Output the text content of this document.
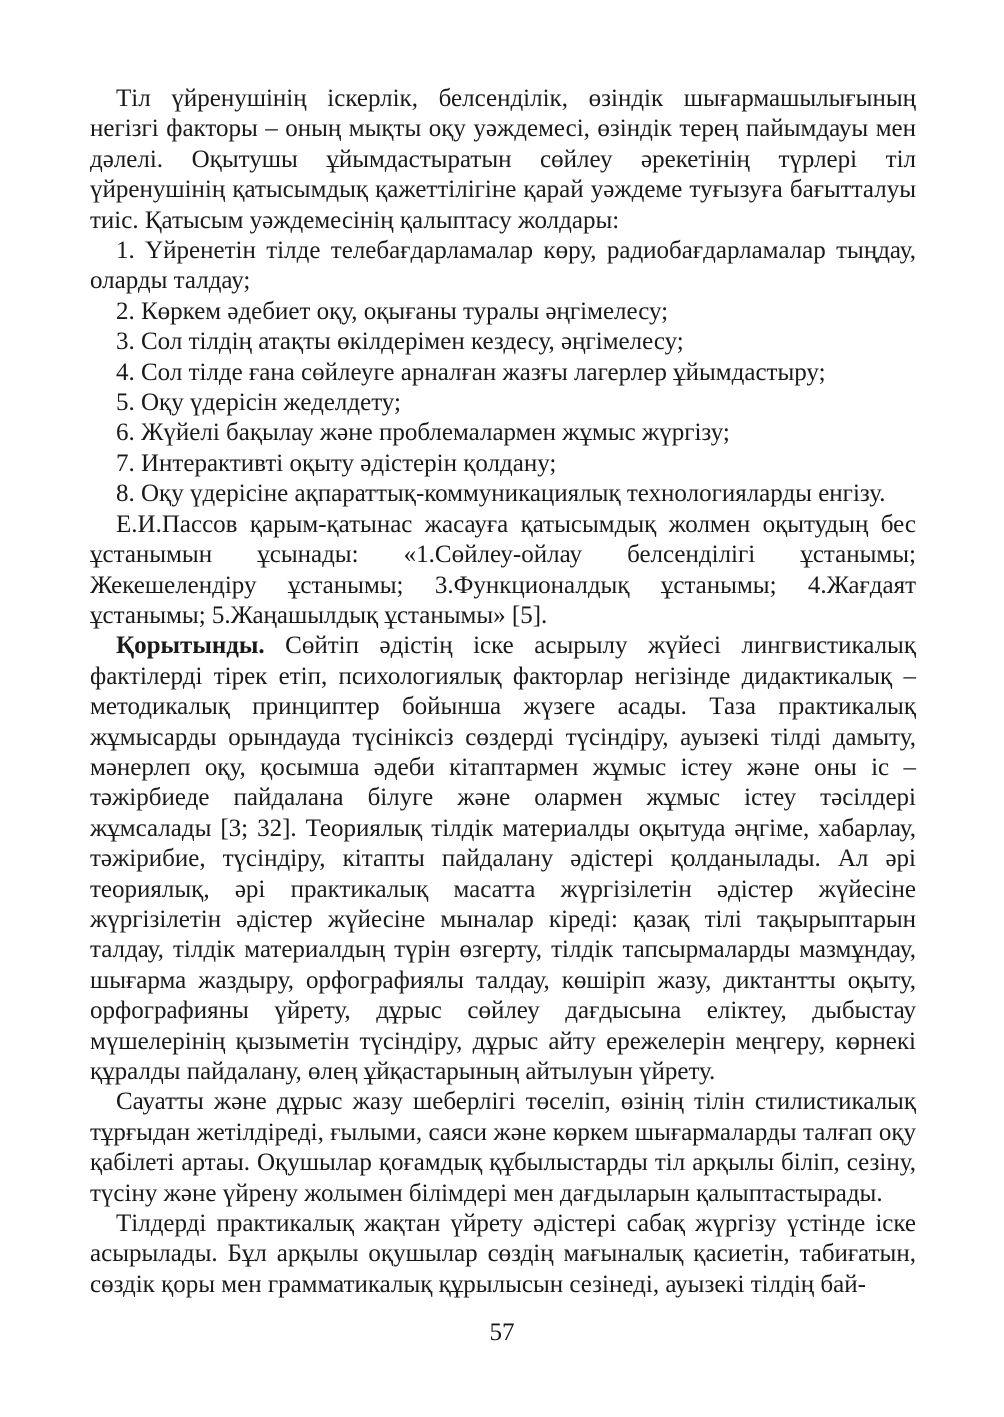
Тіл үйренушінің іскерлік, белсенділік, өзіндік шығармашылығының негізгі факторы – оның мықты оқу уәждемесі, өзіндік терең пайымдауы мен дәлелі. Оқытушы ұйымдастыратын сөйлеу әрекетінің түрлері тіл үйренушінің қатысымдық қажеттілігіне қарай уәждеме туғызуға бағытталуы тиіс. Қатысым уәждемесінің қалыптасу жолдары:

1. Үйренетін тілде телебағдарламалар көру, радиобағдарламалар тыңдау, оларды талдау;

2. Көркем әдебиет оқу, оқығаны туралы әңгімелесу;

3. Сол тілдің атақты өкілдерімен кездесу, әңгімелесу;

4. Сол тілде ғана сөйлеуге арналған жазғы лагерлер ұйымдастыру;

5. Оқу үдерісін жеделдету;

6. Жүйелі бақылау және проблемалармен жұмыс жүргізу;

7. Интерактивті оқыту әдістерін қолдану;

8. Оқу үдерісіне ақпараттық-коммуникациялық технологияларды енгізу.

Е.И.Пассов қарым-қатынас жасауға қатысымдық жолмен оқытудың бес ұстанымын ұсынады: «1.Сөйлеу-ойлау белсенділігі ұстанымы; Жекешелендіру ұстанымы; 3.Функционалдық ұстанымы; 4.Жағдаят ұстанымы; 5.Жаңашылдық ұстанымы» [5].

Қорытынды. Сөйтіп әдістің іске асырылу жүйесі лингвистикалық фактілерді тірек етіп, психологиялық факторлар негізінде дидактикалық – методикалық принциптер бойынша жүзеге асады. Таза практикалық жұмысарды орындауда түсініксіз сөздерді түсіндіру, ауызекі тілді дамыту, мәнерлеп оқу, қосымша әдеби кітаптармен жұмыс істеу және оны іс – тәжірбиеде пайдалана білуге және олармен жұмыс істеу тәсілдері жұмсалады [3; 32]. Теориялық тілдік материалды оқытуда әңгіме, хабарлау, тәжірибие, түсіндіру, кітапты пайдалану әдістері қолданылады. Ал әрі теориялық, әрі практикалық масатта жүргізілетін әдістер жүйесіне жүргізілетін әдістер жүйесіне мыналар кіреді: қазақ тілі тақырыптарын талдау, тілдік материалдың түрін өзгерту, тілдік тапсырмаларды мазмұндау, шығарма жаздыру, орфографиялы талдау, көшіріп жазу, диктантты оқыту, орфографияны үйрету, дұрыс сөйлеу дағдысына еліктеу, дыбыстау мүшелерінің қызыметін түсіндіру, дұрыс айту ережелерін меңгеру, көрнекі құралды пайдалану, өлең ұйқастарының айтылуын үйрету.

Сауатты және дұрыс жазу шеберлігі төселіп, өзінің тілін стилистикалық тұрғыдан жетілдіреді, ғылыми, саяси және көркем шығармаларды талғап оқу қабілеті артаы. Оқушылар қоғамдық құбылыстарды тіл арқылы біліп, сезіну, түсіну және үйрену жолымен білімдері мен дағдыларын қалыптастырады.

Тілдерді практикалық жақтан үйрету әдістері сабақ жүргізу үстінде іске асырылады. Бұл арқылы оқушылар сөздің мағыналық қасиетін, табиғатын, сөздік қоры мен грамматикалық құрылысын сезінеді, ауызекі тілдің бай-

57
